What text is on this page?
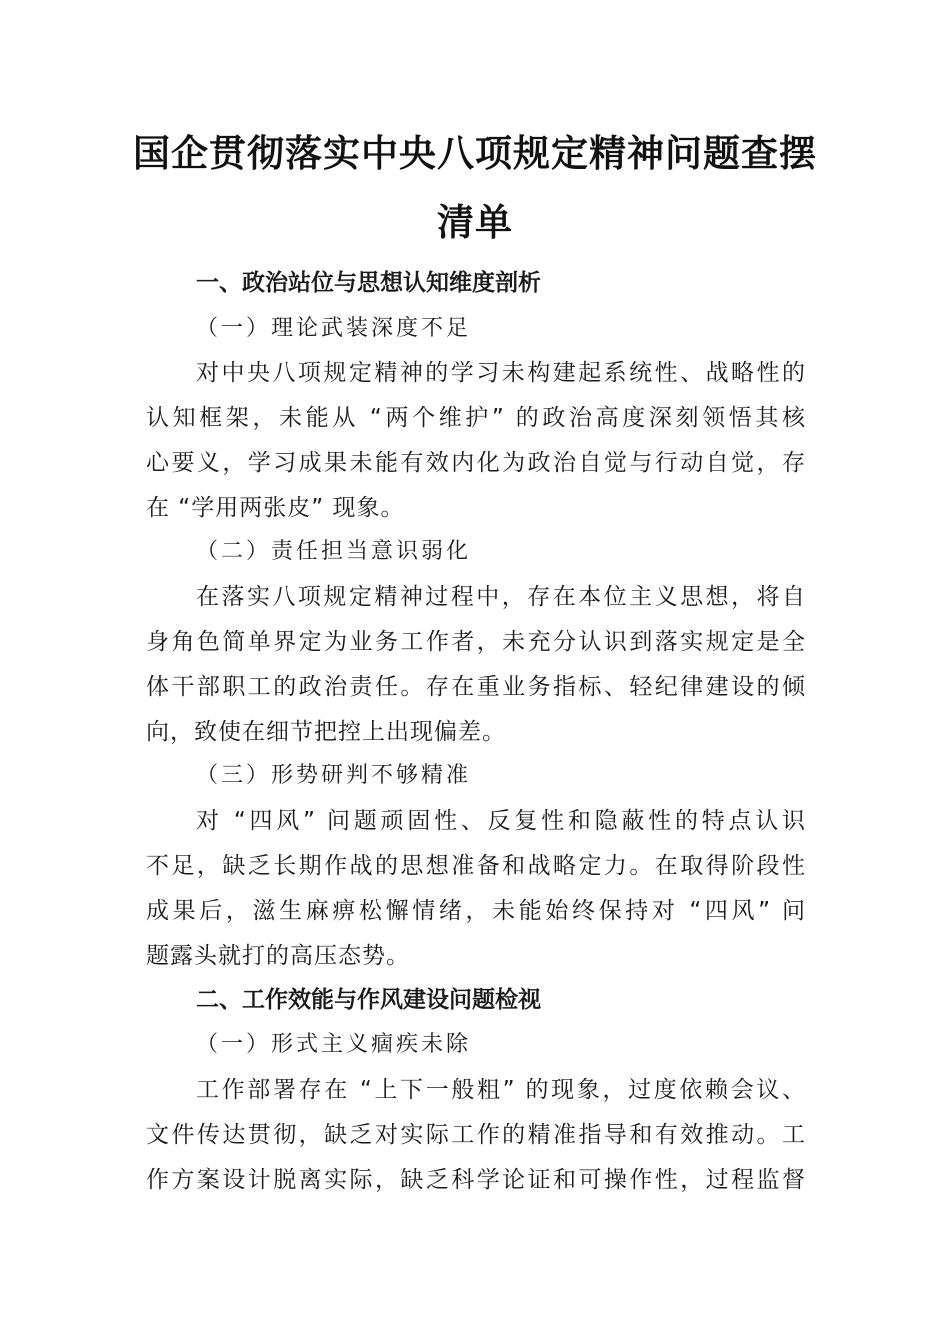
国企贯彻落实中央八项规定精神问题查摆
清单
一、政治站位与思想认知维度剖析
（一）理论武装深度不足
对中央八项规定精神的学习未构建起系统性、战略性的
认知框架，未能从 “两个维护” 的政治高度深刻领悟其核
心要义，学习成果未能有效内化为政治自觉与行动自觉，存
在 “学用两张皮” 现象。
（二）责任担当意识弱化
在落实八项规定精神过程中，存在本位主义思想，将自
身角色简单界定为业务工作者，未充分认识到落实规定是全
体干部职工的政治责任。存在重业务指标、轻纪律建设的倾
向，致使在细节把控上出现偏差。
（三）形势研判不够精准
对 “四风” 问题顽固性、反复性和隐蔽性的特点认识
不足，缺乏长期作战的思想准备和战略定力。在取得阶段性
成果后，滋生麻痹松懈情绪，未能始终保持对 “四风” 问
题露头就打的高压态势。
二、工作效能与作风建设问题检视
（一）形式主义痼疾未除
工作部署存在 “上下一般粗” 的现象，过度依赖会议、
文件传达贯彻，缺乏对实际工作的精准指导和有效推动。工
作方案设计脱离实际，缺乏科学论证和可操作性，过程监督
